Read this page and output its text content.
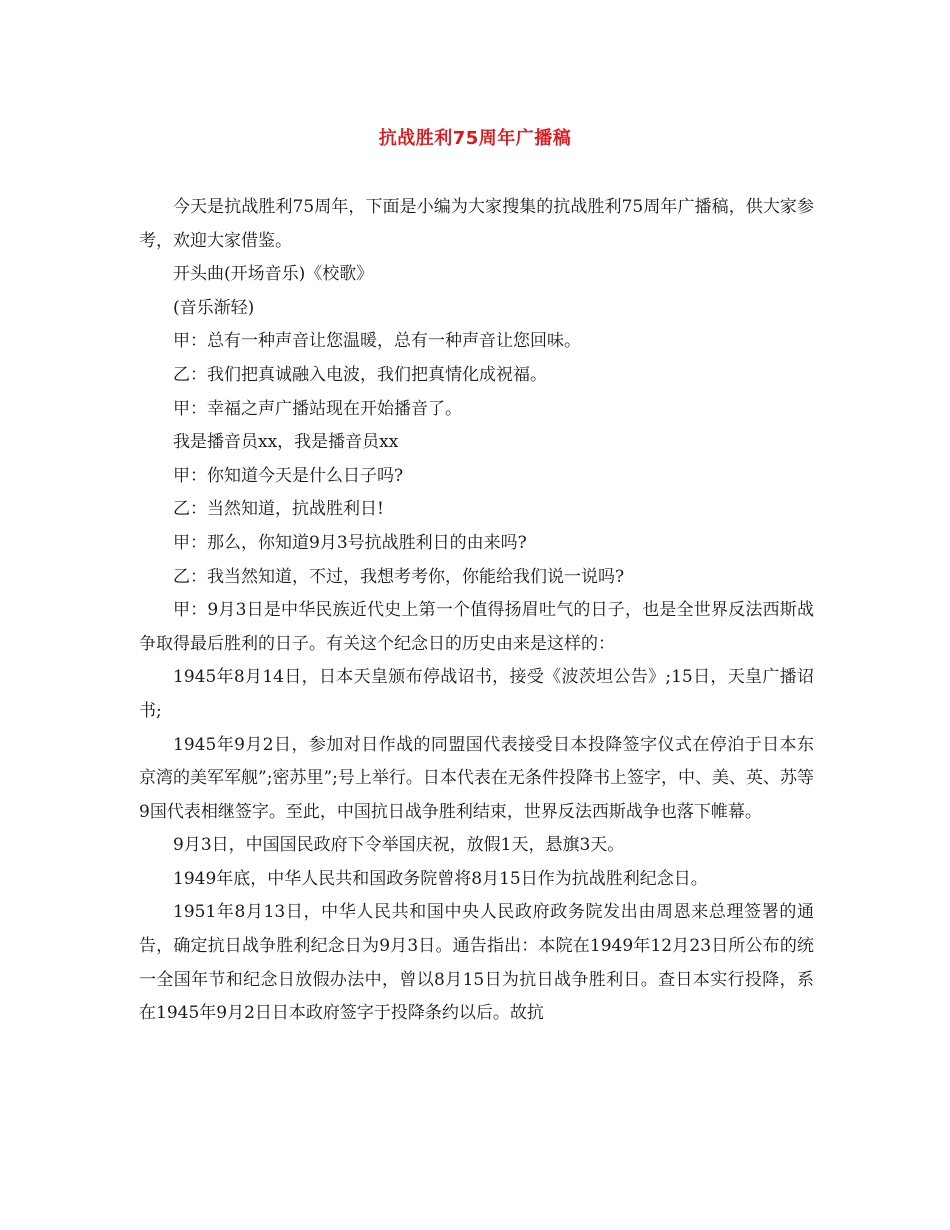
抗战胜利75周年广播稿

今天是抗战胜利75周年，下面是小编为大家搜集的抗战胜利75周年广播稿，供大家参考，欢迎大家借鉴。

开头曲(开场音乐)《校歌》

(音乐渐轻)

甲：总有一种声音让您温暖，总有一种声音让您回味。

乙：我们把真诚融入电波，我们把真情化成祝福。

甲：幸福之声广播站现在开始播音了。

我是播音员xx，我是播音员xx

甲：你知道今天是什么日子吗?

乙：当然知道，抗战胜利日!

甲：那么，你知道9月3号抗战胜利日的由来吗?

乙：我当然知道，不过，我想考考你，你能给我们说一说吗?

甲：9月3日是中华民族近代史上第一个值得扬眉吐气的日子，也是全世界反法西斯战争取得最后胜利的日子。有关这个纪念日的历史由来是这样的：

1945年8月14日，日本天皇颁布停战诏书，接受《波茨坦公告》;15日，天皇广播诏书;

1945年9月2日，参加对日作战的同盟国代表接受日本投降签字仪式在停泊于日本东京湾的美军军舰”;密苏里”;号上举行。日本代表在无条件投降书上签字，中、美、英、苏等9国代表相继签字。至此，中国抗日战争胜利结束，世界反法西斯战争也落下帷幕。

9月3日，中国国民政府下令举国庆祝，放假1天，悬旗3天。

1949年底，中华人民共和国政务院曾将8月15日作为抗战胜利纪念日。

1951年8月13日，中华人民共和国中央人民政府政务院发出由周恩来总理签署的通告，确定抗日战争胜利纪念日为9月3日。通告指出：本院在1949年12月23日所公布的统一全国年节和纪念日放假办法中，曾以8月15日为抗日战争胜利日。查日本实行投降，系在1945年9月2日日本政府签字于投降条约以后。故抗
